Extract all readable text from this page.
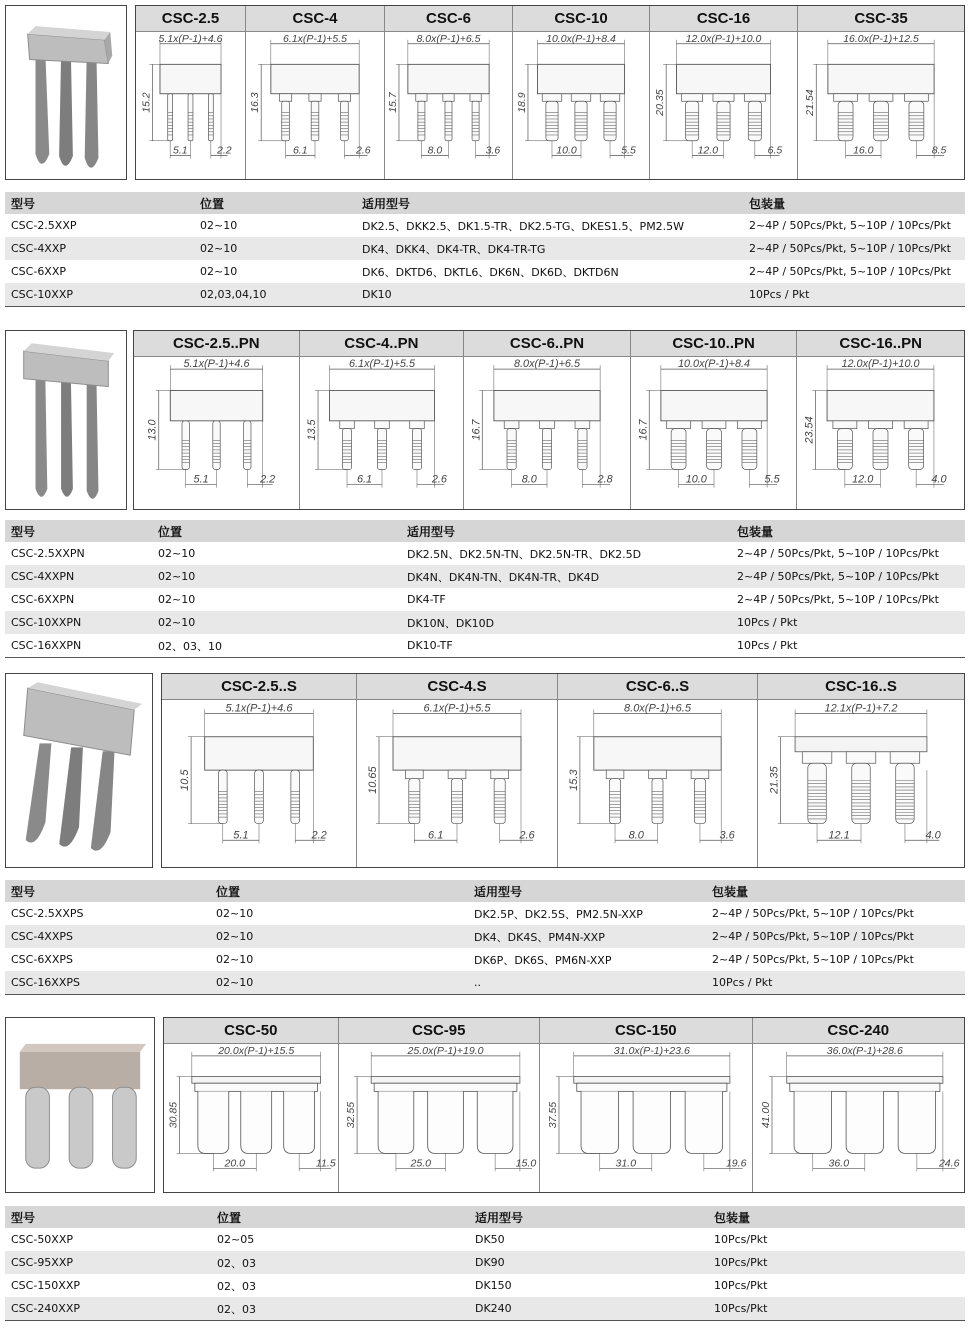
CSC-2.5
5.1x(P-1)+4.6
15.2
5.1	2.2
CSC-4
6.1x(P-1)+5.5
16.3
6.1	2.6
CSC-6
8.0x(P-1)+6.5
15.7
8.0	3.6
CSC-10
10.0x(P-1)+8.4
18.9
10.0	5.5
CSC-16
12.0x(P-1)+10.0
20.35
12.0	6.5
CSC-35
16.0x(P-1)+12.5
21.54
16.0	8.5
型号	位置	适用型号	包装量
CSC-2.5XXP	02~10	DK2.5、DKK2.5、DK1.5-TR、DK2.5-TG、DKES1.5、PM2.5W	2~4P / 50Pcs/Pkt, 5~10P / 10Pcs/Pkt
CSC-4XXP	02~10	DK4、DKK4、DK4-TR、DK4-TR-TG	2~4P / 50Pcs/Pkt, 5~10P / 10Pcs/Pkt
CSC-6XXP	02~10	DK6、DKTD6、DKTL6、DK6N、DK6D、DKTD6N	2~4P / 50Pcs/Pkt, 5~10P / 10Pcs/Pkt
CSC-10XXP	02,03,04,10	DK10	10Pcs / Pkt
CSC-2.5..PN
5.1x(P-1)+4.6
13.0
5.1	2.2
CSC-4..PN
6.1x(P-1)+5.5
13.5
6.1	2.6
CSC-6..PN
8.0x(P-1)+6.5
16.7
8.0	2.8
CSC-10..PN
10.0x(P-1)+8.4
16.7
10.0	5.5
CSC-16..PN
12.0x(P-1)+10.0
23.54
12.0	4.0
型号	位置	适用型号	包装量
CSC-2.5XXPN	02~10	DK2.5N、DK2.5N-TN、DK2.5N-TR、DK2.5D	2~4P / 50Pcs/Pkt, 5~10P / 10Pcs/Pkt
CSC-4XXPN	02~10	DK4N、DK4N-TN、DK4N-TR、DK4D	2~4P / 50Pcs/Pkt, 5~10P / 10Pcs/Pkt
CSC-6XXPN	02~10	DK4-TF	2~4P / 50Pcs/Pkt, 5~10P / 10Pcs/Pkt
CSC-10XXPN	02~10	DK10N、DK10D	10Pcs / Pkt
CSC-16XXPN	02、03、10	DK10-TF	10Pcs / Pkt
CSC-2.5..S
5.1x(P-1)+4.6
10.5
5.1	2.2
CSC-4.S
6.1x(P-1)+5.5
10.65
6.1	2.6
CSC-6..S
8.0x(P-1)+6.5
15.3
8.0	3.6
CSC-16..S
12.1x(P-1)+7.2
21.35
12.1	4.0
型号	位置	适用型号	包装量
CSC-2.5XXPS	02~10	DK2.5P、DK2.5S、PM2.5N-XXP	2~4P / 50Pcs/Pkt, 5~10P / 10Pcs/Pkt
CSC-4XXPS	02~10	DK4、DK4S、PM4N-XXP	2~4P / 50Pcs/Pkt, 5~10P / 10Pcs/Pkt
CSC-6XXPS	02~10	DK6P、DK6S、PM6N-XXP	2~4P / 50Pcs/Pkt, 5~10P / 10Pcs/Pkt
CSC-16XXPS	02~10	..	10Pcs / Pkt
CSC-50
20.0x(P-1)+15.5
30.85
20.0	11.5
CSC-95
25.0x(P-1)+19.0
32.55
25.0	15.0
CSC-150
31.0x(P-1)+23.6
37.55
31.0	19.6
CSC-240
36.0x(P-1)+28.6
41.00
36.0	24.6
型号	位置	适用型号	包装量
CSC-50XXP	02~05	DK50	10Pcs/Pkt
CSC-95XXP	02、03	DK90	10Pcs/Pkt
CSC-150XXP	02、03	DK150	10Pcs/Pkt
CSC-240XXP	02、03	DK240	10Pcs/Pkt
